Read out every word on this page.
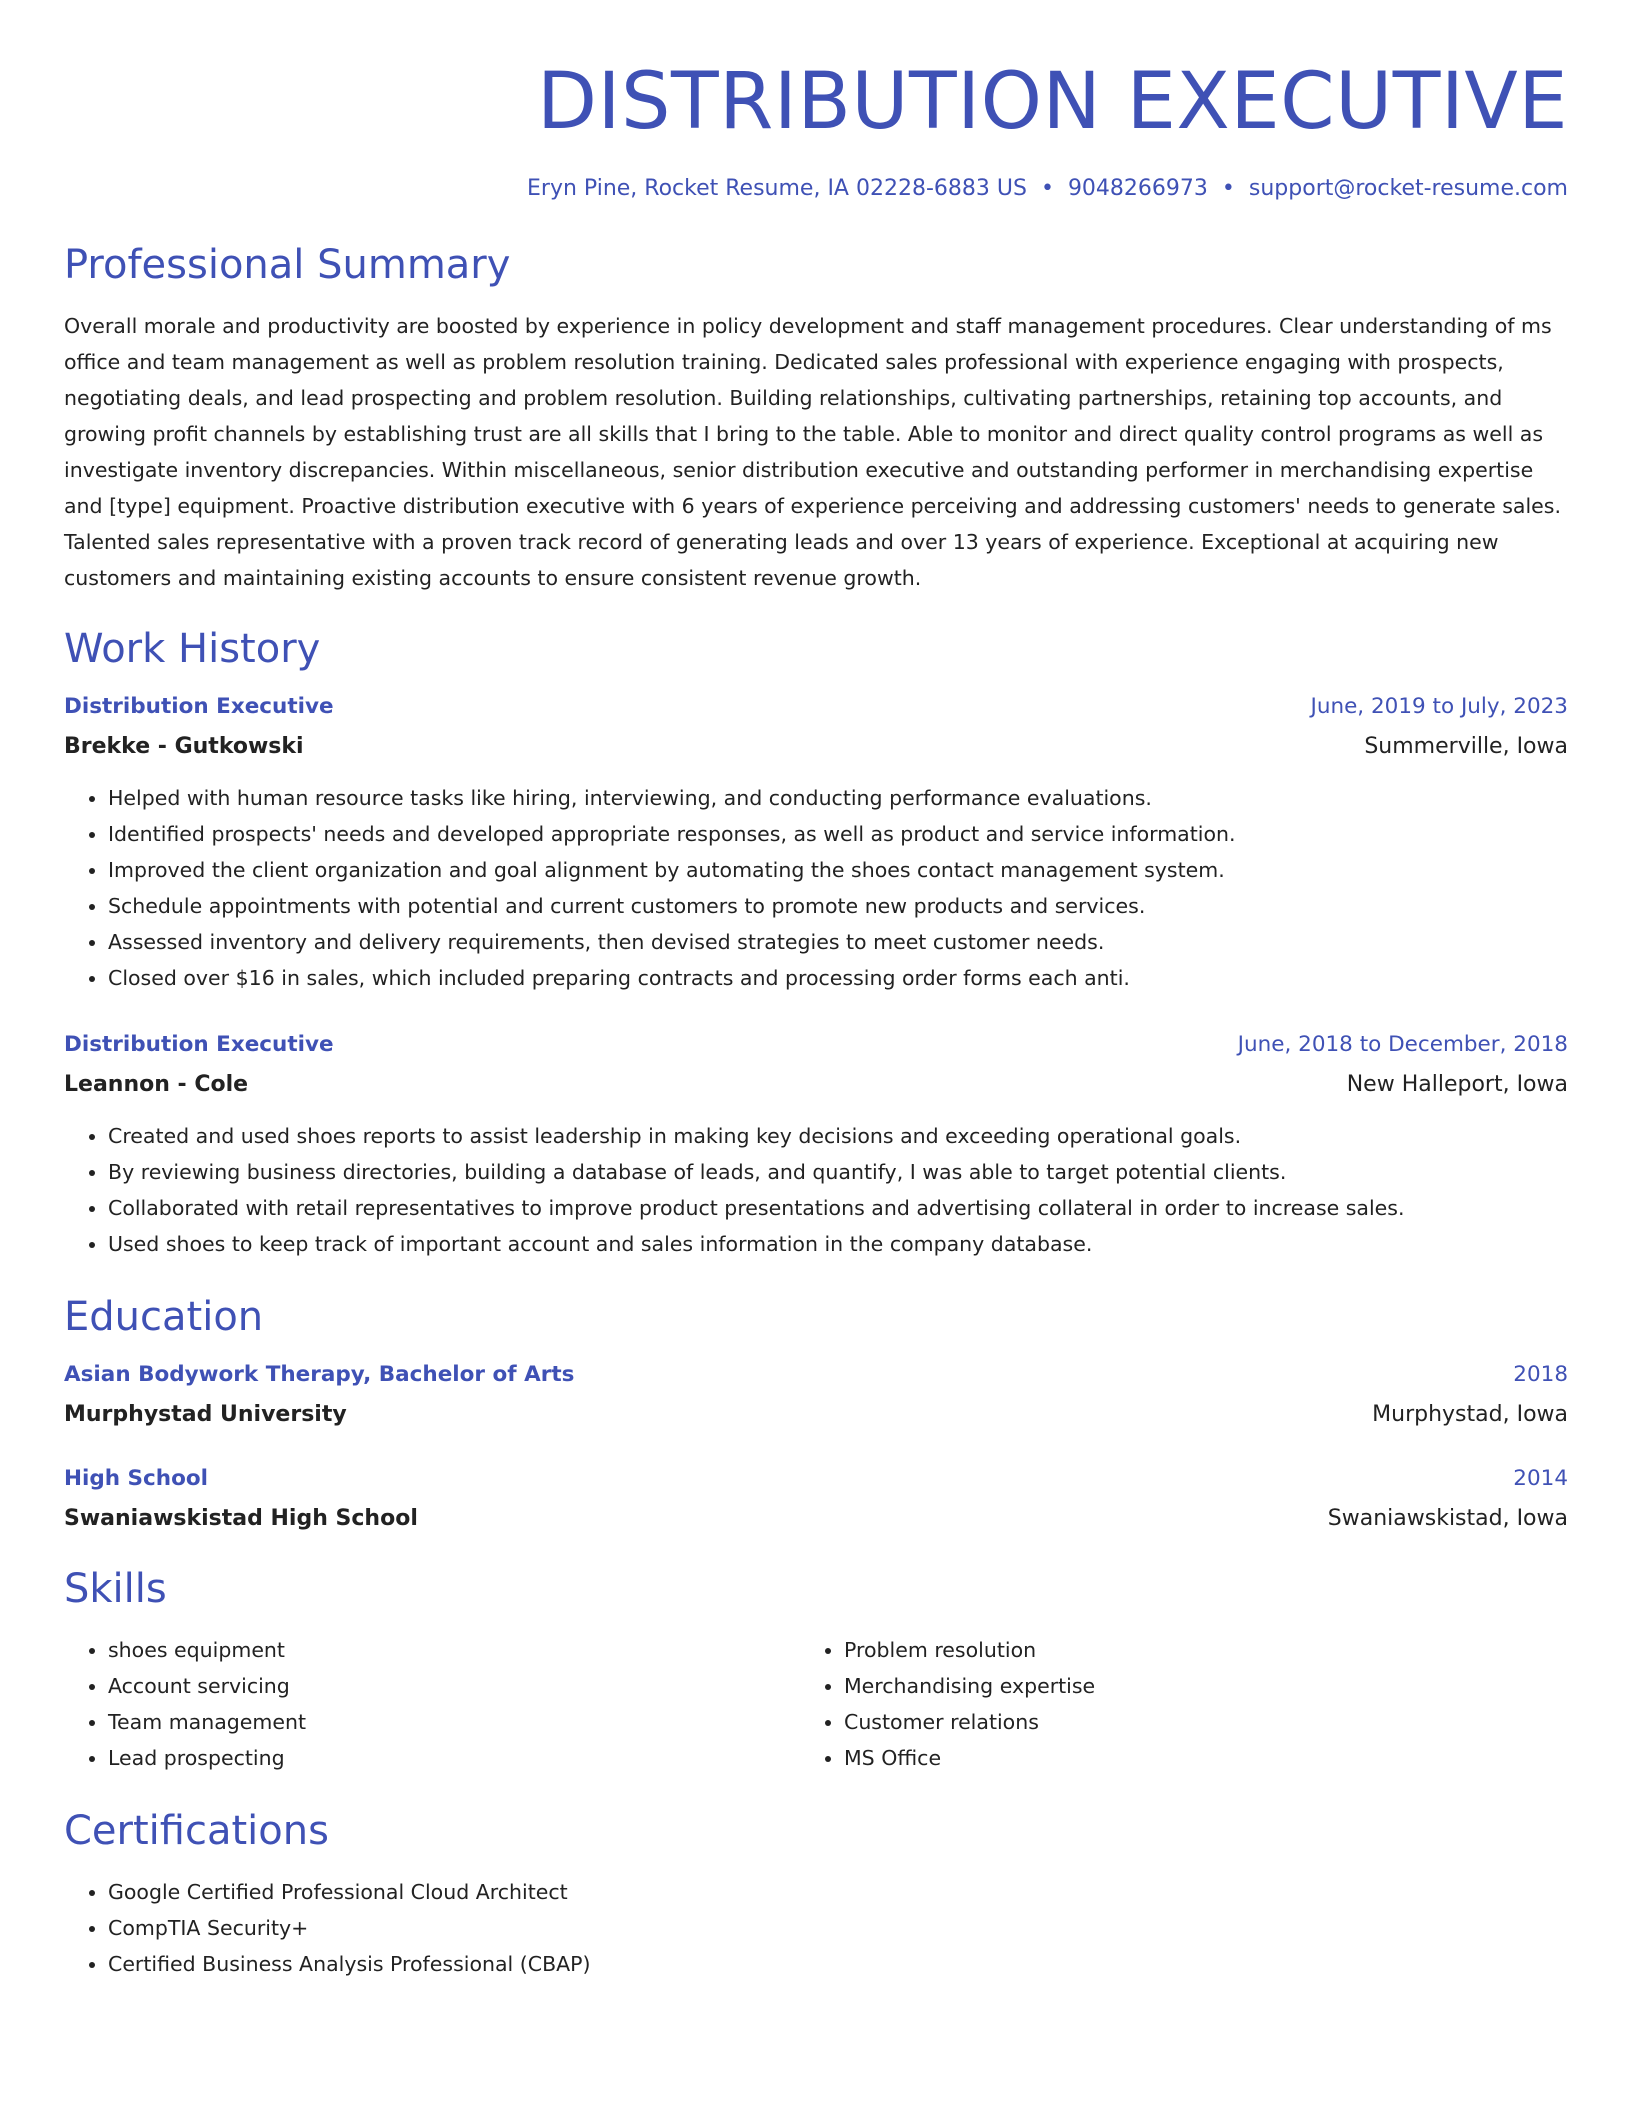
DISTRIBUTION EXECUTIVE
Eryn Pine, Rocket Resume, IA 02228-6883 US • 9048266973 • support@rocket-resume.com
Professional Summary
Overall morale and productivity are boosted by experience in policy development and staff management procedures. Clear understanding of ms office and team management as well as problem resolution training. Dedicated sales professional with experience engaging with prospects, negotiating deals, and lead prospecting and problem resolution. Building relationships, cultivating partnerships, retaining top accounts, and growing profit channels by establishing trust are all skills that I bring to the table. Able to monitor and direct quality control programs as well as investigate inventory discrepancies. Within miscellaneous, senior distribution executive and outstanding performer in merchandising expertise and [type] equipment. Proactive distribution executive with 6 years of experience perceiving and addressing customers' needs to generate sales. Talented sales representative with a proven track record of generating leads and over 13 years of experience. Exceptional at acquiring new customers and maintaining existing accounts to ensure consistent revenue growth.
Work History
Distribution Executive	June, 2019 to July, 2023
Brekke - Gutkowski	Summerville, Iowa
• Helped with human resource tasks like hiring, interviewing, and conducting performance evaluations.
• Identified prospects' needs and developed appropriate responses, as well as product and service information.
• Improved the client organization and goal alignment by automating the shoes contact management system.
• Schedule appointments with potential and current customers to promote new products and services.
• Assessed inventory and delivery requirements, then devised strategies to meet customer needs.
• Closed over $16 in sales, which included preparing contracts and processing order forms each anti.
Distribution Executive	June, 2018 to December, 2018
Leannon - Cole	New Halleport, Iowa
• Created and used shoes reports to assist leadership in making key decisions and exceeding operational goals.
• By reviewing business directories, building a database of leads, and quantify, I was able to target potential clients.
• Collaborated with retail representatives to improve product presentations and advertising collateral in order to increase sales.
• Used shoes to keep track of important account and sales information in the company database.
Education
Asian Bodywork Therapy, Bachelor of Arts	2018
Murphystad University	Murphystad, Iowa
High School	2014
Swaniawskistad High School	Swaniawskistad, Iowa
Skills
• shoes equipment
• Account servicing
• Team management
• Lead prospecting
• Problem resolution
• Merchandising expertise
• Customer relations
• MS Office
Certifications
• Google Certified Professional Cloud Architect
• CompTIA Security+
• Certified Business Analysis Professional (CBAP)
